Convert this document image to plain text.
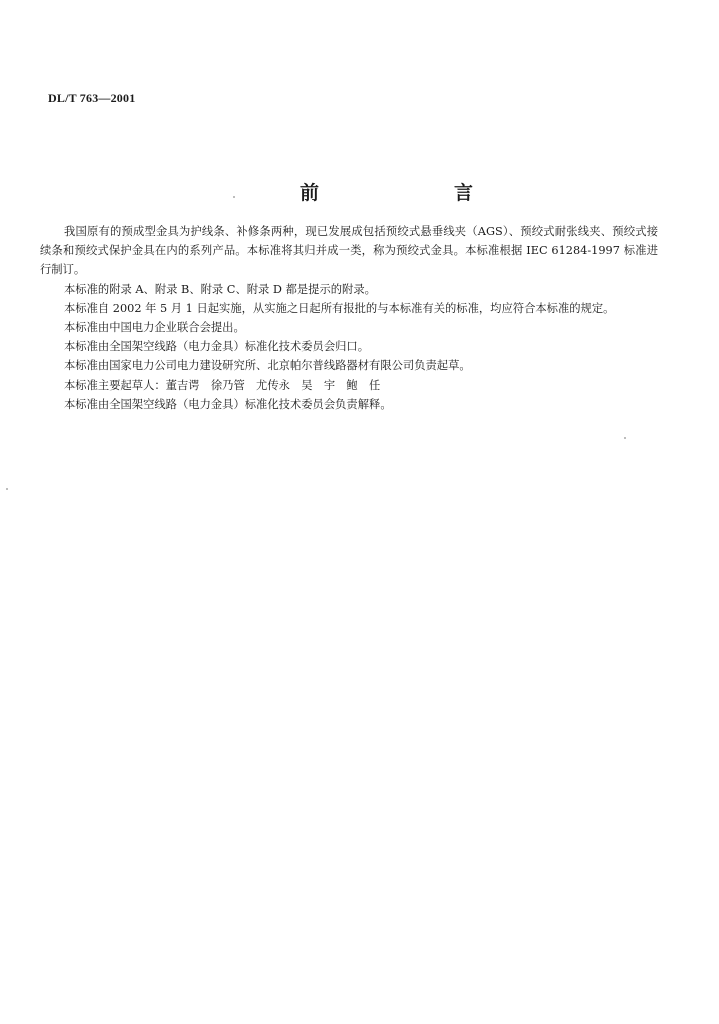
DL/T 763—2001
前　言

我国原有的预成型金具为护线条、补修条两种，现已发展成包括预绞式悬垂线夹（AGS）、预绞式耐张线夹、预绞式接续条和预绞式保护金具在内的系列产品。本标准将其归并成一类，称为预绞式金具。本标准根据 IEC 61284-1997 标准进行制订。

本标准的附录 A、附录 B、附录 C、附录 D 都是提示的附录。

本标准自 2002 年 5 月 1 日起实施，从实施之日起所有报批的与本标准有关的标准，均应符合本标准的规定。

本标准由中国电力企业联合会提出。

本标准由全国架空线路（电力金具）标准化技术委员会归口。

本标准由国家电力公司电力建设研究所、北京帕尔普线路器材有限公司负责起草。

本标准主要起草人：董吉谔　徐乃管　尤传永　吴　宇　鲍　任

本标准由全国架空线路（电力金具）标准化技术委员会负责解释。
